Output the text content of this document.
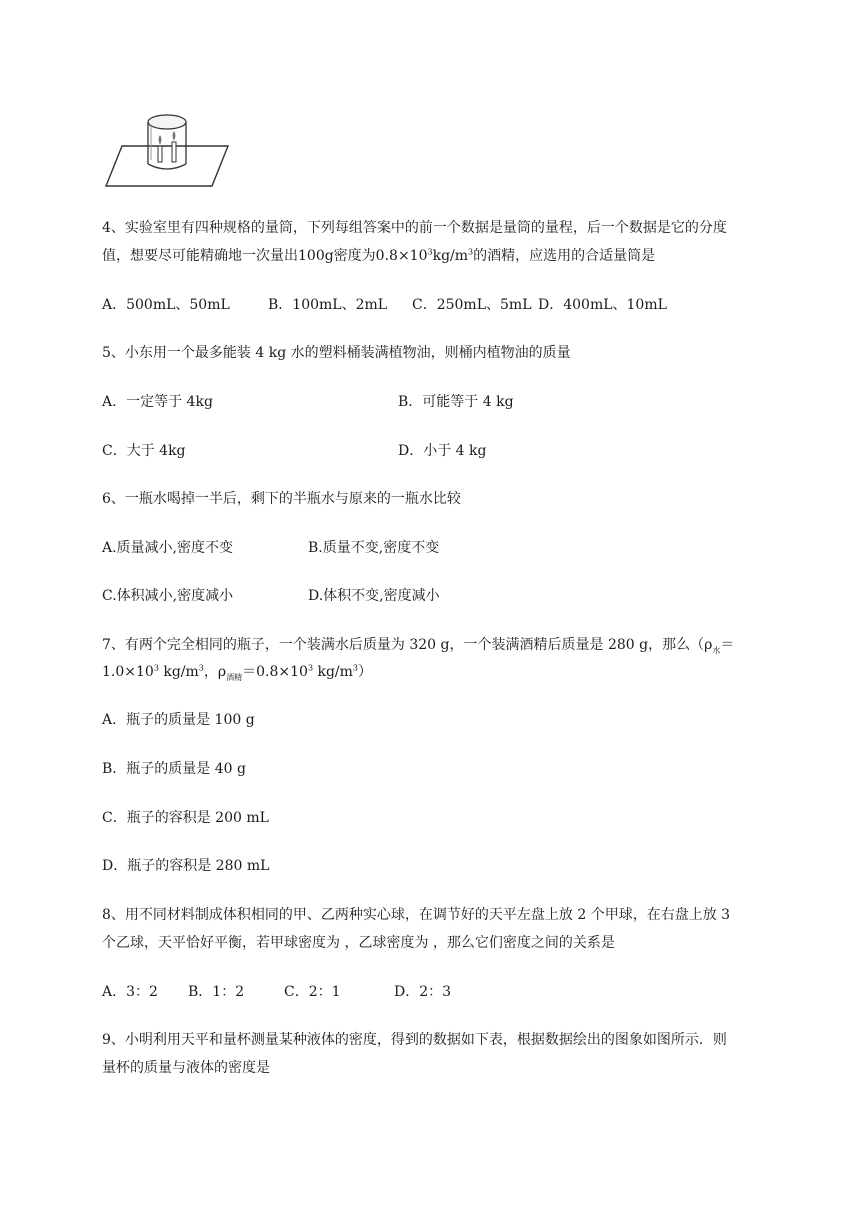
4、实验室里有四种规格的量筒，下列每组答案中的前一个数据是量筒的量程，后一个数据是它的分度
值，想要尽可能精确地一次量出100g密度为$0.8\times 10^3kg/m^3$的酒精，应选用的合适量筒是
A．500mL、50mL	B．100mL、2mL C．250mL、5mL D．400mL、10mL
5、小东用一个最多能装 4 kg 水的塑料桶装满植物油，则桶内植物油的质量
A．一定等于 4kg	B．可能等于 4 kg
C．大于 4kg	D．小于 4 kg
6、一瓶水喝掉一半后，剩下的半瓶水与原来的一瓶水比较
A.质量减小,密度不变	B.质量不变,密度不变
C.体积减小,密度减小	D.体积不变,密度减小
7、有两个完全相同的瓶子，一个装满水后质量为 320 g，一个装满酒精后质量是 280 g，那么（$\rho_水=$
$1.0\times 10^3$ $kg/m^3$，$\rho_{酒精}=0.8\times 10^3$ $kg/m^3$）
A．瓶子的质量是 100 g
B．瓶子的质量是 40 g
C．瓶子的容积是 200 mL
D．瓶子的容积是 280 mL
8、用不同材料制成体积相同的甲、乙两种实心球，在调节好的天平左盘上放 2 个甲球，在右盘上放 3
个乙球，天平恰好平衡，若甲球密度为 ，乙球密度为 ，那么它们密度之间的关系是
A．3：2 B．1：2	C．2：1	D．2：3
9、小明利用天平和量杯测量某种液体的密度，得到的数据如下表，根据数据绘出的图象如图所示．则
量杯的质量与液体的密度是
